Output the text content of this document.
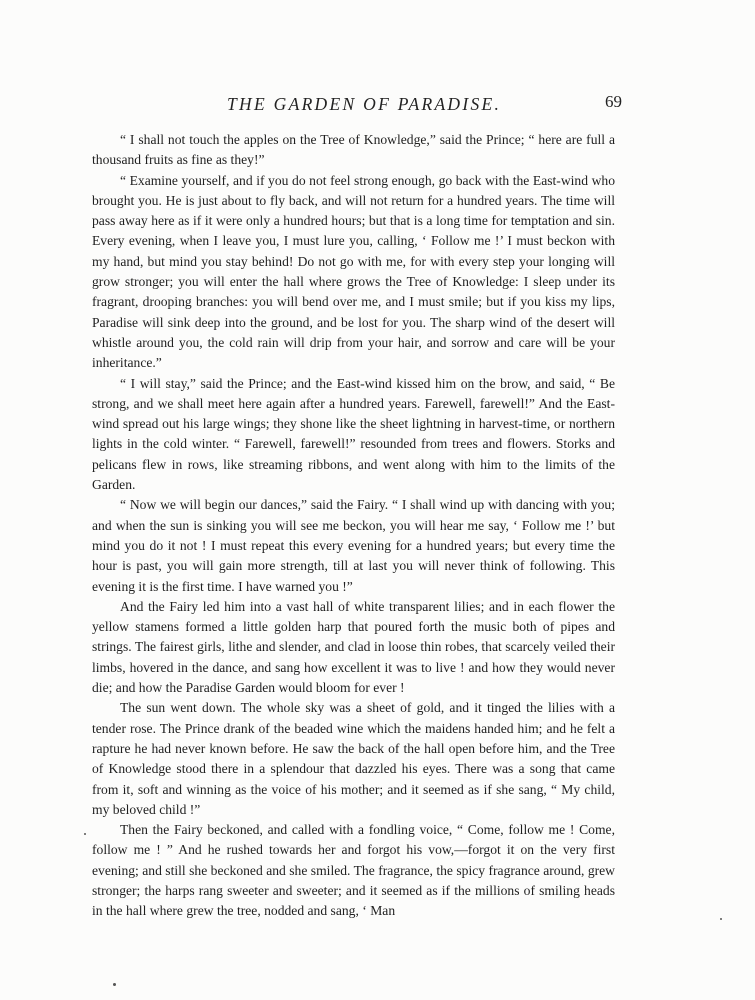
THE GARDEN OF PARADISE.	69

“ I shall not touch the apples on the Tree of Knowledge,” said the Prince; “ here are full a thousand fruits as fine as they!”

“ Examine yourself, and if you do not feel strong enough, go back with the East-wind who brought you. He is just about to fly back, and will not return for a hundred years. The time will pass away here as if it were only a hundred hours; but that is a long time for temptation and sin. Every evening, when I leave you, I must lure you, calling, ‘ Follow me !’ I must beckon with my hand, but mind you stay behind! Do not go with me, for with every step your longing will grow stronger; you will enter the hall where grows the Tree of Knowledge: I sleep under its fragrant, drooping branches: you will bend over me, and I must smile; but if you kiss my lips, Paradise will sink deep into the ground, and be lost for you. The sharp wind of the desert will whistle around you, the cold rain will drip from your hair, and sorrow and care will be your inheritance.”

“ I will stay,” said the Prince; and the East-wind kissed him on the brow, and said, “ Be strong, and we shall meet here again after a hundred years. Farewell, farewell!” And the East-wind spread out his large wings; they shone like the sheet lightning in harvest-time, or northern lights in the cold winter. “ Farewell, farewell!” resounded from trees and flowers. Storks and pelicans flew in rows, like streaming ribbons, and went along with him to the limits of the Garden.

“ Now we will begin our dances,” said the Fairy. “ I shall wind up with dancing with you; and when the sun is sinking you will see me beckon, you will hear me say, ‘ Follow me !’ but mind you do it not ! I must repeat this every evening for a hundred years; but every time the hour is past, you will gain more strength, till at last you will never think of following. This evening it is the first time. I have warned you !”

And the Fairy led him into a vast hall of white transparent lilies; and in each flower the yellow stamens formed a little golden harp that poured forth the music both of pipes and strings. The fairest girls, lithe and slender, and clad in loose thin robes, that scarcely veiled their limbs, hovered in the dance, and sang how excellent it was to live ! and how they would never die; and how the Paradise Garden would bloom for ever !

The sun went down. The whole sky was a sheet of gold, and it tinged the lilies with a tender rose. The Prince drank of the beaded wine which the maidens handed him; and he felt a rapture he had never known before. He saw the back of the hall open before him, and the Tree of Knowledge stood there in a splendour that dazzled his eyes. There was a song that came from it, soft and winning as the voice of his mother; and it seemed as if she sang, “ My child, my beloved child !”

Then the Fairy beckoned, and called with a fondling voice, “ Come, follow me ! Come, follow me ! ” And he rushed towards her and forgot his vow,—forgot it on the very first evening; and still she beckoned and she smiled. The fragrance, the spicy fragrance around, grew stronger; the harps rang sweeter and sweeter; and it seemed as if the millions of smiling heads in the hall where grew the tree, nodded and sang, ‘ Man
